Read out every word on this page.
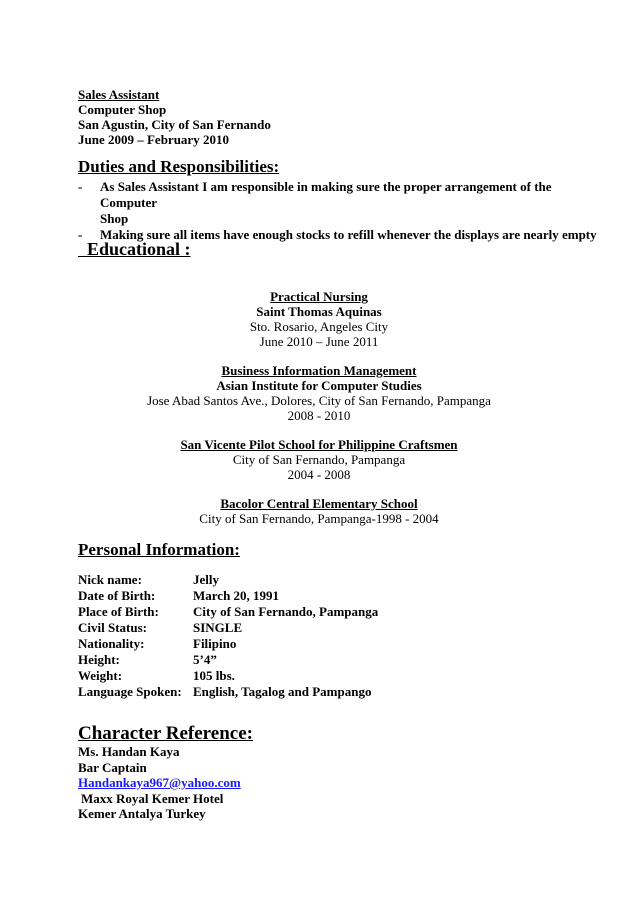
Sales Assistant
Computer Shop
San Agustin, City of San Fernando
June 2009 – February 2010
Duties and Responsibilities:
- As Sales Assistant I am responsible in making sure the proper arrangement of the Computer
Shop
- Making sure all items have enough stocks to refill whenever the displays are nearly empty
Educational :
Practical Nursing
Saint Thomas Aquinas
Sto. Rosario, Angeles City
June 2010 – June 2011
Business Information Management
Asian Institute for Computer Studies
Jose Abad Santos Ave., Dolores, City of San Fernando, Pampanga
2008 - 2010
San Vicente Pilot School for Philippine Craftsmen
City of San Fernando, Pampanga
2004 - 2008
Bacolor Central Elementary School
City of San Fernando, Pampanga-1998 - 2004
Personal Information:
Nick name:	Jelly
Date of Birth:	March 20, 1991
Place of Birth:	City of San Fernando, Pampanga
Civil Status:	SINGLE
Nationality:	Filipino
Height:	5’4”
Weight:	105 lbs.
Language Spoken: English, Tagalog and Pampango
Character Reference:
Ms. Handan Kaya
Bar Captain
Handankaya967@yahoo.com
Maxx Royal Kemer Hotel
Kemer Antalya Turkey
